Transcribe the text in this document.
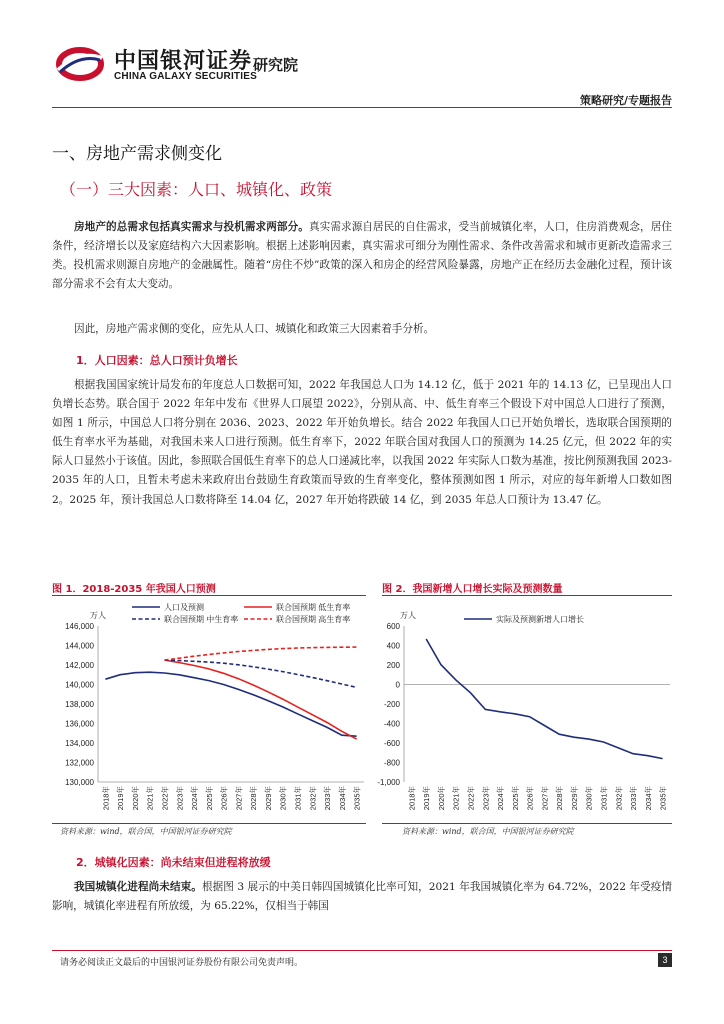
中国银河证券
CHINA GALAXY SECURITIES
研究院
策略研究/专题报告
一、房地产需求侧变化
（一）三大因素：人口、城镇化、政策
房地产的总需求包括真实需求与投机需求两部分。真实需求源自居民的自住需求，受当前城镇化率，人口，住房消费观念，居住条件，经济增长以及家庭结构六大因素影响。根据上述影响因素，真实需求可细分为刚性需求、条件改善需求和城市更新改造需求三类。投机需求则源自房地产的金融属性。随着“房住不炒”政策的深入和房企的经营风险暴露，房地产正在经历去金融化过程，预计该部分需求不会有太大变动。
因此，房地产需求侧的变化，应先从人口、城镇化和政策三大因素着手分析。
1．人口因素：总人口预计负增长
根据我国国家统计局发布的年度总人口数据可知，2022 年我国总人口为 14.12 亿，低于 2021 年的 14.13 亿，已呈现出人口负增长态势。联合国于 2022 年年中发布《世界人口展望 2022》，分别从高、中、低生育率三个假设下对中国总人口进行了预测，如图 1 所示，中国总人口将分别在 2036、2023、2022 年开始负增长。结合 2022 年我国人口已开始负增长，选取联合国预期的低生育率水平为基础，对我国未来人口进行预测。低生育率下，2022 年联合国对我国人口的预测为 14.25 亿元，但 2022 年的实际人口显然小于该值。因此，参照联合国低生育率下的总人口递减比率，以我国 2022 年实际人口数为基准，按比例预测我国 2023-2035 年的人口，且暂未考虑未来政府出台鼓励生育政策而导致的生育率变化，整体预测如图 1 所示，对应的每年新增人口数如图 2。2025 年，预计我国总人口数将降至 14.04 亿，2027 年开始将跌破 14 亿，到 2035 年总人口预计为 13.47 亿。
图 1．2018-2035 年我国人口预测	图 2．我国新增人口增长实际及预测数量
万人
146,000
144,000
142,000
140,000
138,000
136,000
134,000
132,000
130,000
2018年 2019年 2020年 2021年 2022年 2023年 2024年 2025年 2026年 2027年 2028年 2029年 2030年 2031年 2032年 2033年 2034年 2035年
人口及预测	联合国预期 低生育率
联合国预期 中生育率	联合国预期 高生育率	万人
600
400
200
0
-200
-400
-600
-800
-1,000
2018年 2019年 2020年 2021年 2022年 2023年 2024年 2025年 2026年 2027年 2028年 2029年 2030年 2031年 2032年 2033年 2034年 2035年
实际及预测新增人口增长
资料来源：wind，联合国，中国银河证券研究院	资料来源：wind，联合国，中国银河证券研究院
2．城镇化因素：尚未结束但进程将放缓
我国城镇化进程尚未结束。根据图 3 展示的中美日韩四国城镇化比率可知，2021 年我国城镇化率为 64.72%，2022 年受疫情影响，城镇化率进程有所放缓，为 65.22%，仅相当于韩国
请务必阅读正文最后的中国银河证券股份有限公司免责声明。	3
